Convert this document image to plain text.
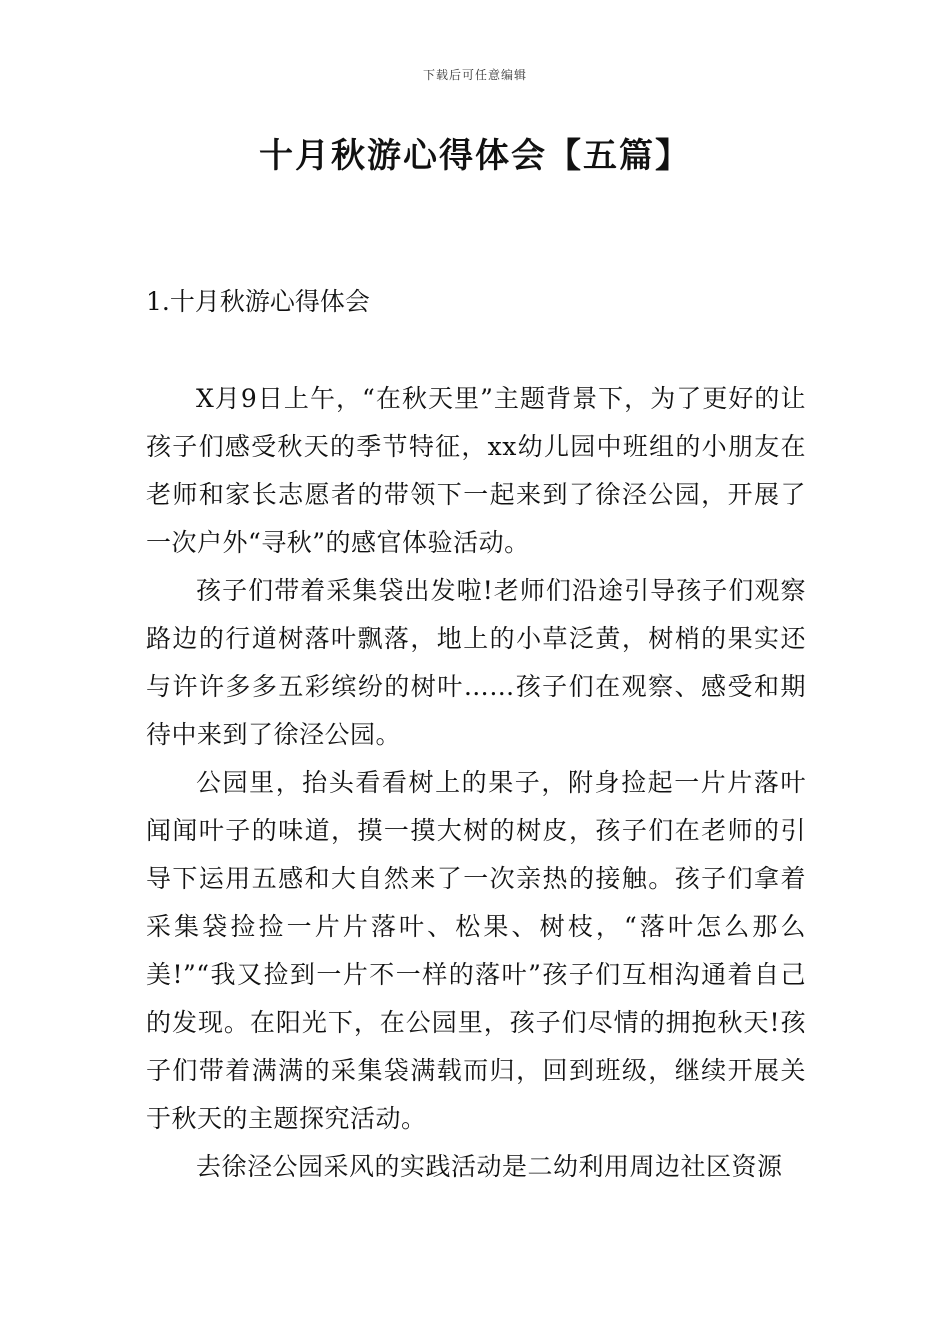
下载后可任意编辑
十月秋游心得体会【五篇】
1.十月秋游心得体会

X月9日上午，“在秋天里”主题背景下，为了更好的让孩子们感受秋天的季节特征，xx幼儿园中班组的小朋友在老师和家长志愿者的带领下一起来到了徐泾公园，开展了一次户外“寻秋”的感官体验活动。

孩子们带着采集袋出发啦!老师们沿途引导孩子们观察路边的行道树落叶飘落，地上的小草泛黄，树梢的果实还与许许多多五彩缤纷的树叶……孩子们在观察、感受和期待中来到了徐泾公园。

公园里，抬头看看树上的果子，附身捡起一片片落叶闻闻叶子的味道，摸一摸大树的树皮，孩子们在老师的引导下运用五感和大自然来了一次亲热的接触。孩子们拿着采集袋捡捡一片片落叶、松果、树枝，“落叶怎么那么美!”“我又捡到一片不一样的落叶”孩子们互相沟通着自己的发现。在阳光下，在公园里，孩子们尽情的拥抱秋天!孩子们带着满满的采集袋满载而归，回到班级，继续开展关于秋天的主题探究活动。

去徐泾公园采风的实践活动是二幼利用周边社区资源
